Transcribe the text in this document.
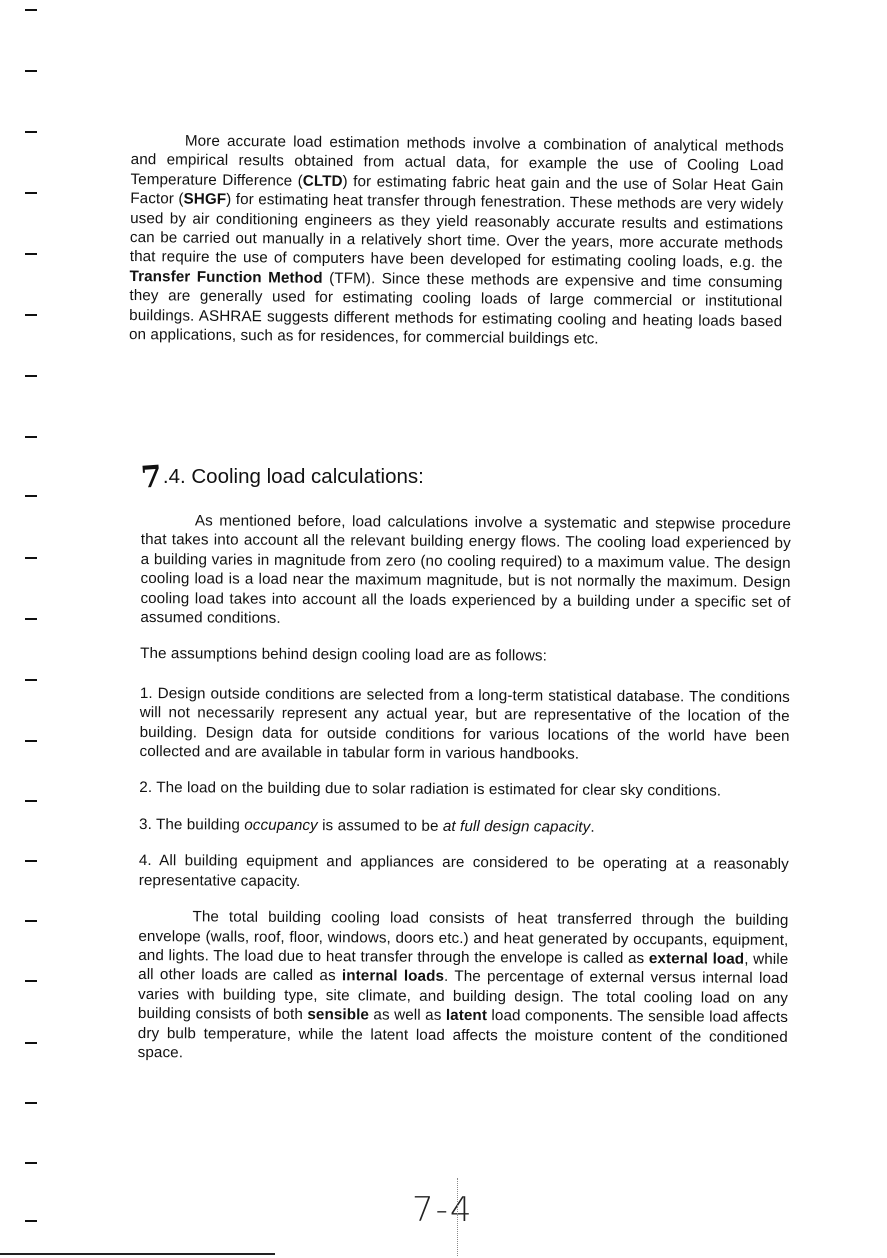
More accurate load estimation methods involve a combination of analytical methods and empirical results obtained from actual data, for example the use of Cooling Load Temperature Difference (CLTD) for estimating fabric heat gain and the use of Solar Heat Gain Factor (SHGF) for estimating heat transfer through fenestration. These methods are very widely used by air conditioning engineers as they yield reasonably accurate results and estimations can be carried out manually in a relatively short time. Over the years, more accurate methods that require the use of computers have been developed for estimating cooling loads, e.g. the Transfer Function Method (TFM). Since these methods are expensive and time consuming they are generally used for estimating cooling loads of large commercial or institutional buildings. ASHRAE suggests different methods for estimating cooling and heating loads based on applications, such as for residences, for commercial buildings etc.

7.4. Cooling load calculations:

As mentioned before, load calculations involve a systematic and stepwise procedure that takes into account all the relevant building energy flows. The cooling load experienced by a building varies in magnitude from zero (no cooling required) to a maximum value. The design cooling load is a load near the maximum magnitude, but is not normally the maximum. Design cooling load takes into account all the loads experienced by a building under a specific set of assumed conditions.

The assumptions behind design cooling load are as follows:

1. Design outside conditions are selected from a long-term statistical database. The conditions will not necessarily represent any actual year, but are representative of the location of the building. Design data for outside conditions for various locations of the world have been collected and are available in tabular form in various handbooks.

2. The load on the building due to solar radiation is estimated for clear sky conditions.

3. The building occupancy is assumed to be at full design capacity.

4. All building equipment and appliances are considered to be operating at a reasonably representative capacity.

The total building cooling load consists of heat transferred through the building envelope (walls, roof, floor, windows, doors etc.) and heat generated by occupants, equipment, and lights. The load due to heat transfer through the envelope is called as external load, while all other loads are called as internal loads. The percentage of external versus internal load varies with building type, site climate, and building design. The total cooling load on any building consists of both sensible as well as latent load components. The sensible load affects dry bulb temperature, while the latent load affects the moisture content of the conditioned space.

7-4
